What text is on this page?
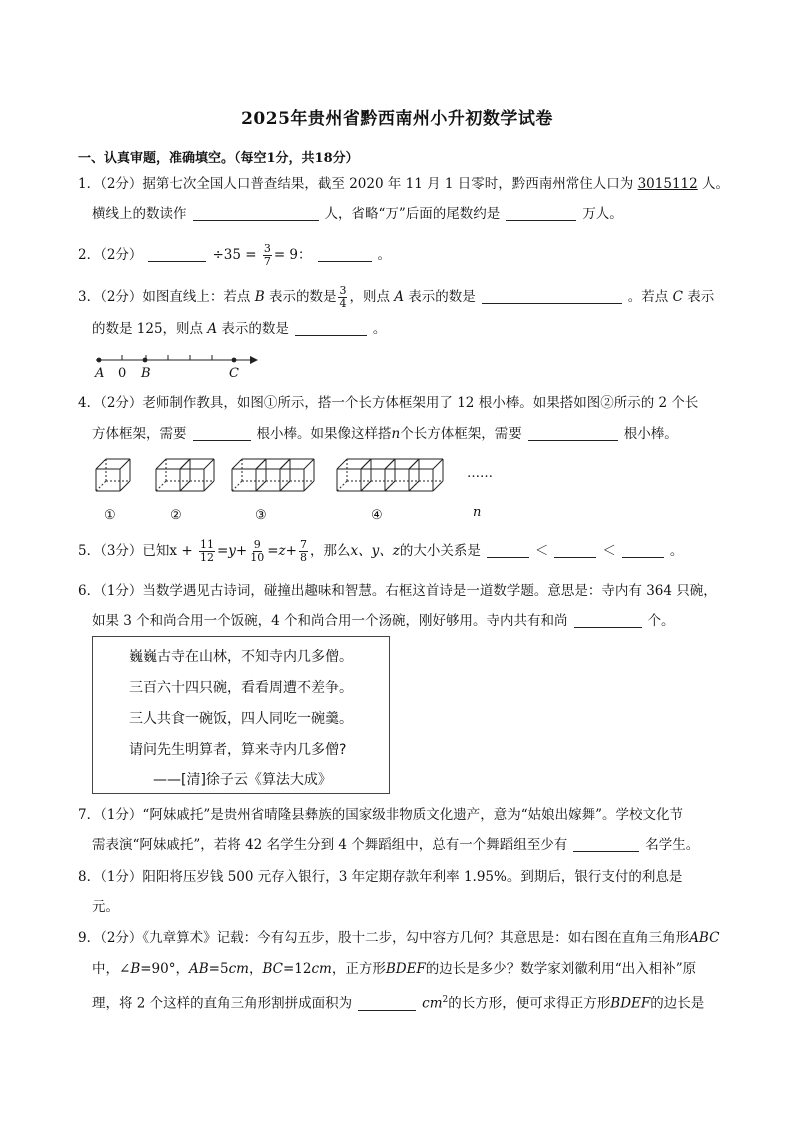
2025年贵州省黔西南州小升初数学试卷
一、认真审题，准确填空。（每空1分，共18分）
1．（2分）据第七次全国人口普查结果，截至 2020 年 11 月 1 日零时，黔西南州常住人口为 3015112 人。
横线上的数读作	人，省略“万”后面的尾数约是	万人。
2．（2分）	$\div 35 = \frac{3}{7} = 9$：	。
3．（2分）如图直线上：若点 B 表示的数是 $\frac{3}{4}$ ，则点 A 表示的数是	。若点 C 表示
的数是 125，则点 A 表示的数是	。
A 0 B	C
4．（2分）老师制作教具，如图①所示，搭一个长方体框架用了 12 根小棒。如果搭如图②所示的 2 个长
方体框架，需要	根小棒。如果像这样搭n个长方体框架，需要	根小棒。
①	②	③	④
……
n
5．（3分）已知$x + \frac{11}{12} =y+ \frac{9}{10} =z+ \frac{7}{8}$ ，那么x、y、z的大小关系是	＜	＜	。
6．（1分）当数学遇见古诗词，碰撞出趣味和智慧。右框这首诗是一道数学题。意思是：寺内有 364 只碗，
如果 3 个和尚合用一个饭碗，4 个和尚合用一个汤碗，刚好够用。寺内共有和尚	个。
巍巍古寺在山林，不知寺内几多僧。
三百六十四只碗，看看周遭不差争。
三人共食一碗饭，四人同吃一碗羹。
请问先生明算者，算来寺内几多僧?
——[清]徐子云《算法大成》
7．（1分）“阿妹戚托”是贵州省晴隆县彝族的国家级非物质文化遗产，意为“姑娘出嫁舞”。学校文化节
需表演“阿妹戚托”，若将 42 名学生分到 4 个舞蹈组中，总有一个舞蹈组至少有	名学生。
8．（1分）阳阳将压岁钱 500 元存入银行，3 年定期存款年利率 1.95%。到期后，银行支付的利息是
元。
9．（2分）《九章算术》记载：今有勾五步，股十二步，勾中容方几何？其意思是：如右图在直角三角形ABC
中，∠B=90°，AB=5cm，BC=12cm，正方形BDEF的边长是多少？数学家刘徽利用“出入相补”原
理，将 2 个这样的直角三角形割拼成面积为	$cm^2$的长方形，便可求得正方形BDEF的边长是
